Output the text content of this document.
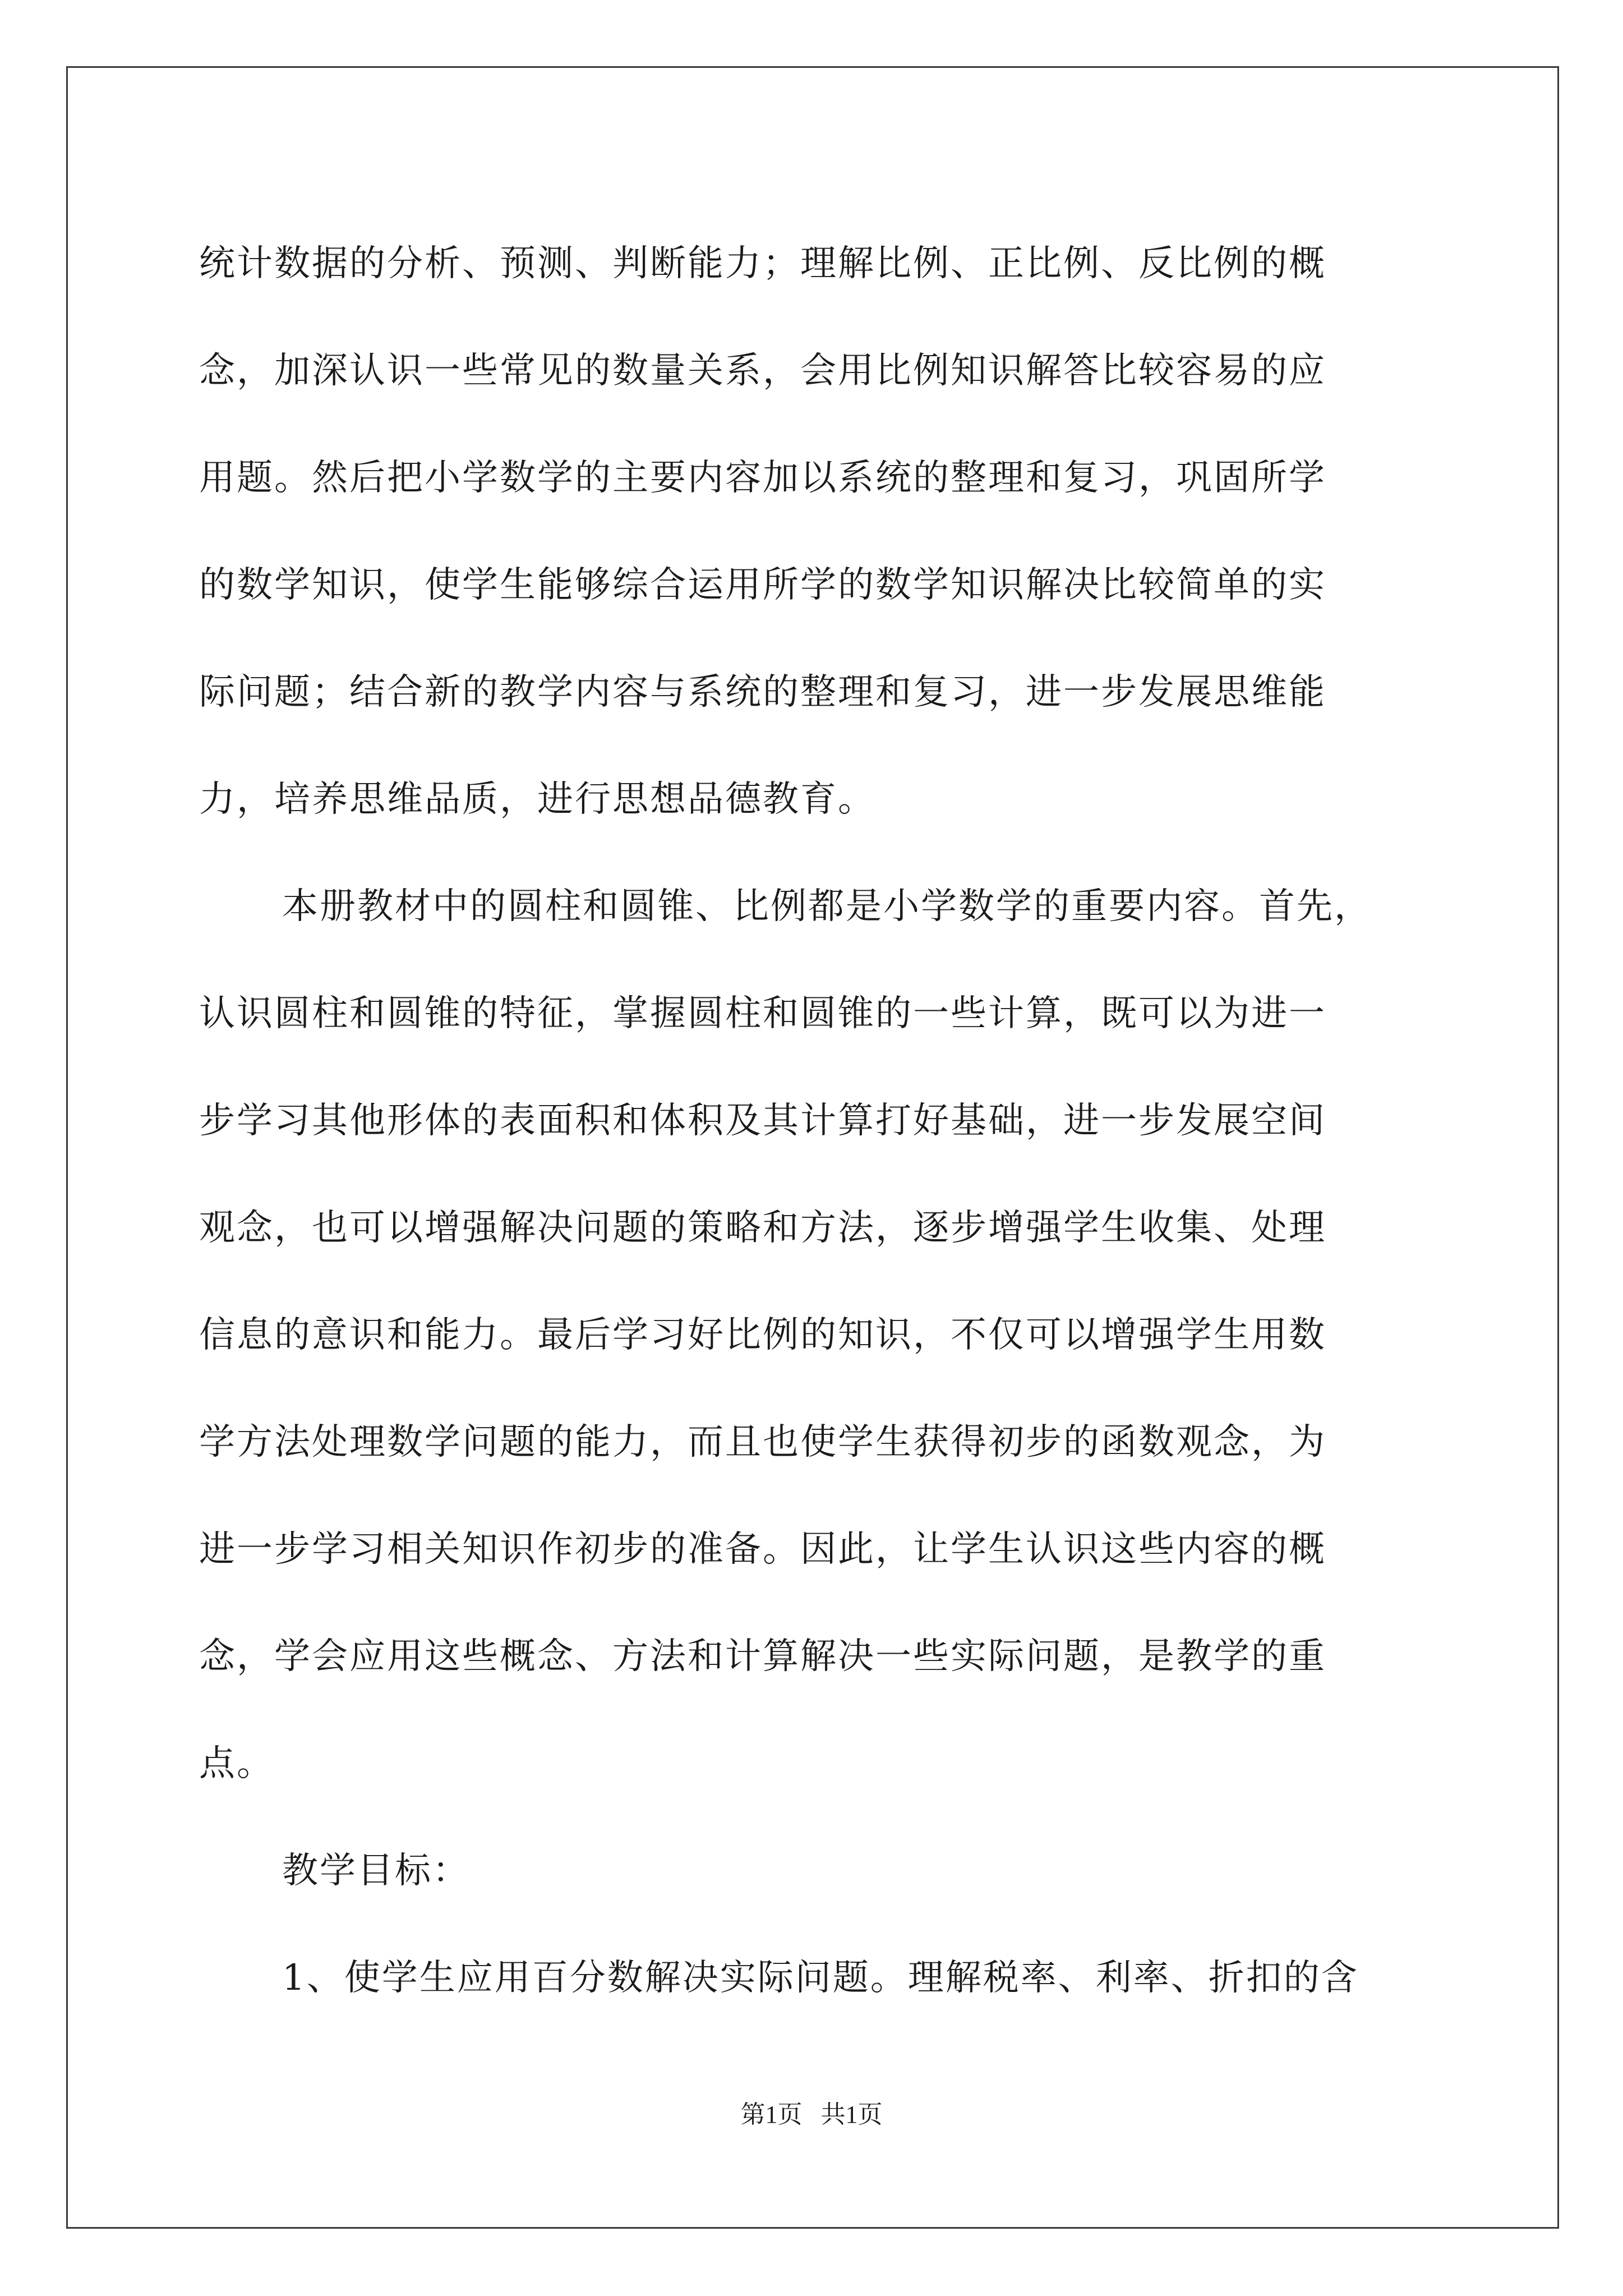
统计数据的分析、预测、判断能力；理解比例、正比例、反比例的概
念，加深认识一些常见的数量关系，会用比例知识解答比较容易的应
用题。然后把小学数学的主要内容加以系统的整理和复习，巩固所学
的数学知识，使学生能够综合运用所学的数学知识解决比较简单的实
际问题；结合新的教学内容与系统的整理和复习，进一步发展思维能
力，培养思维品质，进行思想品德教育。
本册教材中的圆柱和圆锥、比例都是小学数学的重要内容。首先，
认识圆柱和圆锥的特征，掌握圆柱和圆锥的一些计算，既可以为进一
步学习其他形体的表面积和体积及其计算打好基础，进一步发展空间
观念，也可以增强解决问题的策略和方法，逐步增强学生收集、处理
信息的意识和能力。最后学习好比例的知识，不仅可以增强学生用数
学方法处理数学问题的能力，而且也使学生获得初步的函数观念，为
进一步学习相关知识作初步的准备。因此，让学生认识这些内容的概
念，学会应用这些概念、方法和计算解决一些实际问题，是教学的重
点。
教学目标：
1、使学生应用百分数解决实际问题。理解税率、利率、折扣的含
第1页 共1页
